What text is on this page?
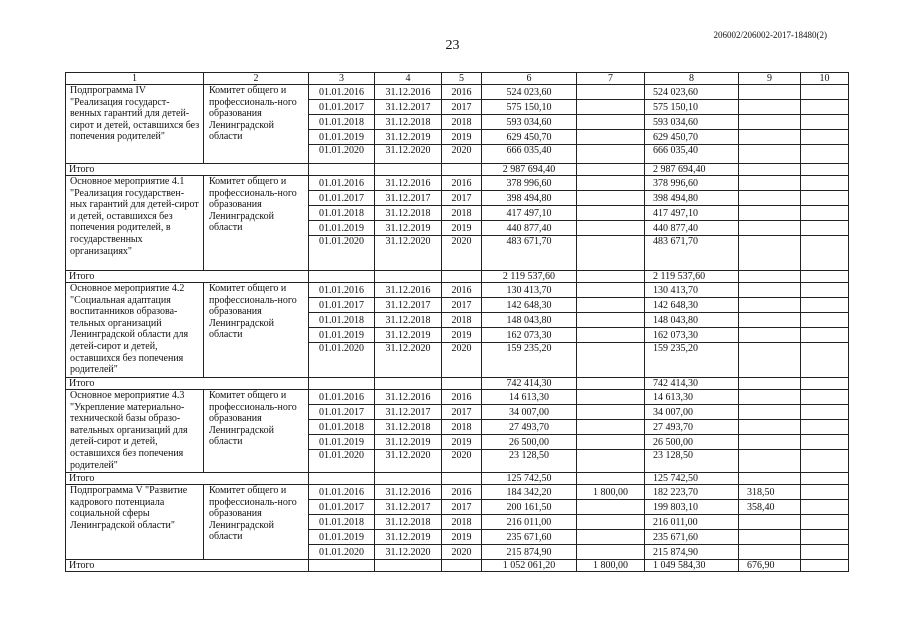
206002/206002-2017-18480(2)
23
1	2	3	4	5	6	7	8	9	10
Подпрограмма IV "Реализация государст-венных гарантий для детей-сирот и детей, оставшихся без попечения родителей"	Комитет общего и профессиональ-ного образования Ленинградской области	01.01.2016	31.12.2016	2016	524 023,60		524 023,60		
		01.01.2017	31.12.2017	2017	575 150,10		575 150,10		
		01.01.2018	31.12.2018	2018	593 034,60		593 034,60		
		01.01.2019	31.12.2019	2019	629 450,70		629 450,70		
		01.01.2020	31.12.2020	2020	666 035,40		666 035,40		
Итого					2 987 694,40		2 987 694,40		
Основное мероприятие 4.1 "Реализация государствен-ных гарантий для детей-сирот и детей, оставшихся без попечения родителей, в государственных организациях"	Комитет общего и профессиональ-ного образования Ленинградской области	01.01.2016	31.12.2016	2016	378 996,60		378 996,60		
		01.01.2017	31.12.2017	2017	398 494,80		398 494,80		
		01.01.2018	31.12.2018	2018	417 497,10		417 497,10		
		01.01.2019	31.12.2019	2019	440 877,40		440 877,40		
		01.01.2020	31.12.2020	2020	483 671,70		483 671,70		
Итого					2 119 537,60		2 119 537,60		
Основное мероприятие 4.2 "Социальная адаптация воспитанников образова-тельных организаций Ленинградской области для детей-сирот и детей, оставшихся без попечения родителей"	Комитет общего и профессиональ-ного образования Ленинградской области	01.01.2016	31.12.2016	2016	130 413,70		130 413,70		
		01.01.2017	31.12.2017	2017	142 648,30		142 648,30		
		01.01.2018	31.12.2018	2018	148 043,80		148 043,80		
		01.01.2019	31.12.2019	2019	162 073,30		162 073,30		
		01.01.2020	31.12.2020	2020	159 235,20		159 235,20		
Итого					742 414,30		742 414,30		
Основное мероприятие 4.3 "Укрепление материально-технической базы образо-вательных организаций для детей-сирот и детей, оставшихся без попечения родителей"	Комитет общего и профессиональ-ного образования Ленинградской области	01.01.2016	31.12.2016	2016	14 613,30		14 613,30		
		01.01.2017	31.12.2017	2017	34 007,00		34 007,00		
		01.01.2018	31.12.2018	2018	27 493,70		27 493,70		
		01.01.2019	31.12.2019	2019	26 500,00		26 500,00		
		01.01.2020	31.12.2020	2020	23 128,50		23 128,50		
Итого					125 742,50		125 742,50		
Подпрограмма V "Развитие кадрового потенциала социальной сферы Ленинградской области"	Комитет общего и профессиональ-ного образования Ленинградской области	01.01.2016	31.12.2016	2016	184 342,20	1 800,00	182 223,70	318,50	
		01.01.2017	31.12.2017	2017	200 161,50		199 803,10	358,40	
		01.01.2018	31.12.2018	2018	216 011,00		216 011,00		
		01.01.2019	31.12.2019	2019	235 671,60		235 671,60		
		01.01.2020	31.12.2020	2020	215 874,90		215 874,90		
Итого					1 052 061,20	1 800,00	1 049 584,30	676,90	
